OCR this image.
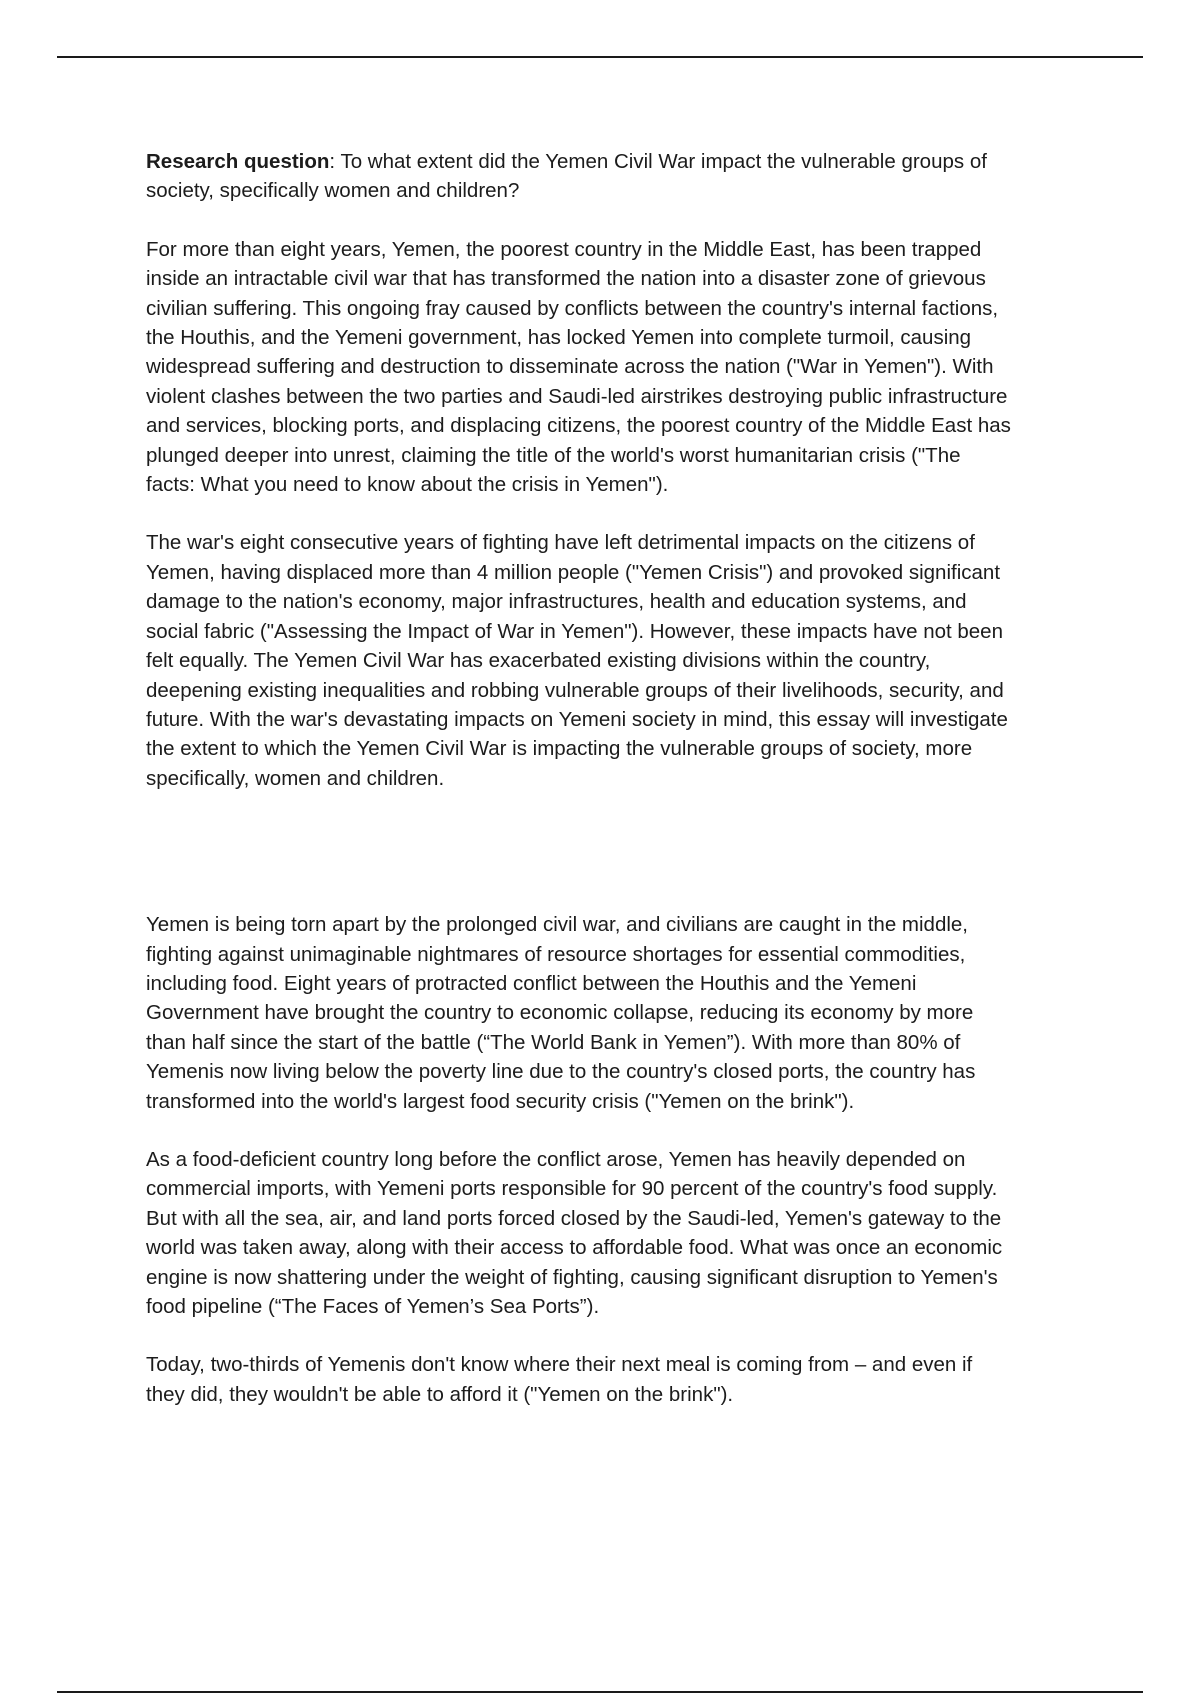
Research question: To what extent did the Yemen Civil War impact the vulnerable groups of
society, specifically women and children?

For more than eight years, Yemen, the poorest country in the Middle East, has been trapped
inside an intractable civil war that has transformed the nation into a disaster zone of grievous
civilian suffering. This ongoing fray caused by conflicts between the country's internal factions,
the Houthis, and the Yemeni government, has locked Yemen into complete turmoil, causing
widespread suffering and destruction to disseminate across the nation ("War in Yemen"). With
violent clashes between the two parties and Saudi-led airstrikes destroying public infrastructure
and services, blocking ports, and displacing citizens, the poorest country of the Middle East has
plunged deeper into unrest, claiming the title of the world's worst humanitarian crisis ("The
facts: What you need to know about the crisis in Yemen").

The war's eight consecutive years of fighting have left detrimental impacts on the citizens of
Yemen, having displaced more than 4 million people ("Yemen Crisis") and provoked significant
damage to the nation's economy, major infrastructures, health and education systems, and
social fabric ("Assessing the Impact of War in Yemen"). However, these impacts have not been
felt equally. The Yemen Civil War has exacerbated existing divisions within the country,
deepening existing inequalities and robbing vulnerable groups of their livelihoods, security, and
future. With the war's devastating impacts on Yemeni society in mind, this essay will investigate
the extent to which the Yemen Civil War is impacting the vulnerable groups of society, more
specifically, women and children.

Yemen is being torn apart by the prolonged civil war, and civilians are caught in the middle,
fighting against unimaginable nightmares of resource shortages for essential commodities,
including food. Eight years of protracted conflict between the Houthis and the Yemeni
Government have brought the country to economic collapse, reducing its economy by more
than half since the start of the battle (“The World Bank in Yemen”). With more than 80% of
Yemenis now living below the poverty line due to the country's closed ports, the country has
transformed into the world's largest food security crisis ("Yemen on the brink").

As a food-deficient country long before the conflict arose, Yemen has heavily depended on
commercial imports, with Yemeni ports responsible for 90 percent of the country's food supply.
But with all the sea, air, and land ports forced closed by the Saudi-led, Yemen's gateway to the
world was taken away, along with their access to affordable food. What was once an economic
engine is now shattering under the weight of fighting, causing significant disruption to Yemen's
food pipeline (“The Faces of Yemen’s Sea Ports”).

Today, two-thirds of Yemenis don't know where their next meal is coming from – and even if
they did, they wouldn't be able to afford it ("Yemen on the brink").
